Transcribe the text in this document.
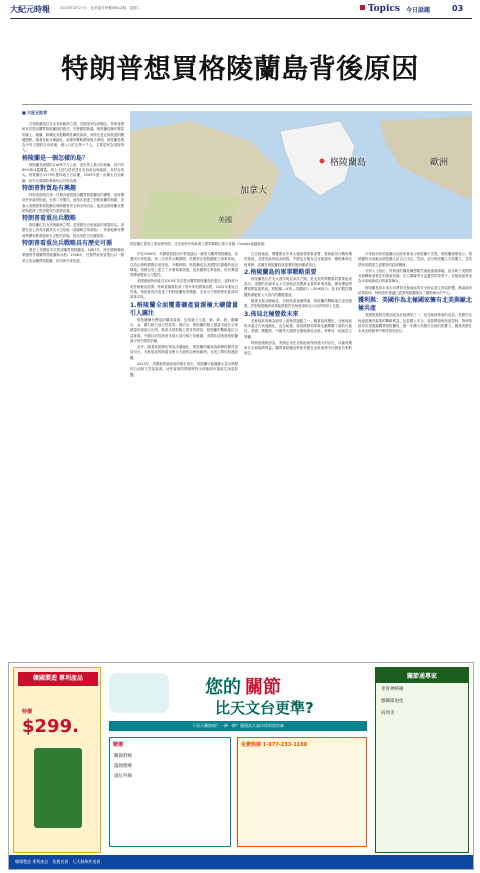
大紀元時報	2025年3月27日　北美東方時報第612期　星期二	Topics 今日話題	03
特朗普想買格陵蘭島背後原因
■ 大紀元記者

在格陵蘭島位於北美和歐洲之間，長期受到全球關注。特朗普總統首次提出購買格陵蘭島的想法，引發國際熱議。格陵蘭島擁有豐富的稀土、鈾礦、鋅礦及其他戰略性礦產資源，同時也是北極航道的關鍵節點。隨著北極冰層融化，這裡的戰略價值與日俱增。格陵蘭島現為丹麥王國的自治領地，總人口約五萬六千人，主要居民為因紐特人。

格陵蘭是一個怎樣的島？

格陵蘭島面積約216萬平方公里，是世界上最大的島嶼，其中約80%被冰蓋覆蓋。島上大部分居民居住於西南沿海地區，首府為努克。格陵蘭自1979年獲得地方自治權，2009年進一步擴大自治範圍，但外交與國防事務仍由丹麥負責。

特朗普對買島有興趣

特朗普總統在第一任期內便曾提出購買格陵蘭島的構想，當時遭到丹麥政府拒絕。在第二任期內，他再次表達了對格陵蘭的興趣，並表示美國需要格陵蘭以保障國家安全和全球自由。他認為格陵蘭在國防與經濟上對美國具有重要意義。

特朗普看重出兵戰略

格陵蘭位於北美與歐洲之間，是美國在北極地區的重要前沿。美國在島上設有皮圖菲克太空基地（前圖勒空軍基地），該基地擁有彈道導彈預警系統和太空監控設施，對北美防空至關重要。

特朗普看重出兵戰略具有歷史可循

歷史上美國曾多次嘗試購買格陵蘭島。1867年，時任國務卿西華德曾考慮購買格陵蘭和冰島；1946年，杜魯門政府曾提出以一億美元黃金購買格陵蘭，但均被丹麥拒絕。

格陵蘭島
加拿大
美國
歐洲
格陵蘭位置與主要地理特徵。北美東海岸與歐洲之間的戰略位置示意圖（Google地圖截圖）

早在1946年，美國就曾經向丹麥提議以一億美元購買格陵蘭島，但遭到丹麥拒絕。第二次世界大戰期間，美國曾在格陵蘭建立軍事基地，以防止納粹德國佔領該島。冷戰時期，格陵蘭成為美國對抗蘇聯的前沿陣地。美國在島上建立了多個軍事設施，包括圖勒空軍基地，用於彈道導彈預警和太空監控。

美國總統特朗普在2019年首次提出購買格陵蘭島的想法，當時被丹麥首相稱為荒謬。特朗普隨後取消了對丹麥的國事訪問。2025年重返白宮後，特朗普再次表達了對格陵蘭島的興趣，並表示不排除使用經濟或軍事手段。

1.格陵蘭全面覆蓋礦產資源極大礦儲量引人關注

格陵蘭擁有豐富的礦產資源，包括稀土元素、鈾、鋅、鉛、鐵礦石、金、鑽石和石油天然氣等。據估計，格陵蘭的稀土儲量可能佔全球總量的相當大比例。隨著全球對稀土需求的增加，格陵蘭的戰略地位日益重要。中國目前控制著全球大部分稀土供應鏈，美國希望透過格陵蘭減少對中國的依賴。

此外，隨著氣候變化導致冰層融化，格陵蘭的礦產資源開採變得更加可行。北極航道的開通也將大大縮短亞洲與歐洲、北美之間的航運距離。

2023年，美國地質調查局的報告指出，格陵蘭可能蘊藏大量未開發的石油和天然氣資源。這些資源的開發將對全球能源市場產生深遠影響。

在北極地區，俄羅斯近年來大幅加強軍事部署，重新啟用冷戰時期的基地，並建造新的破冰船隊。中國也自稱為近北極國家，積極參與北極事務，試圖在格陵蘭投資基礎設施和礦產項目。

2.格陵蘭島的軍事戰略重要

格陵蘭島位於北大西洋與北冰洋之間，是北美防禦體系的重要組成部分。美國的皮圖菲克太空基地是美國最北端的軍事設施，擁有彈道導彈預警雷達系統。格陵蘭—冰島—英國缺口（GIUK缺口）是北約監控俄羅斯潛艇進入大西洋的關鍵通道。

隨著北極冰層融化，北極航道逐漸開通，格陵蘭的戰略地位更加重要。控制格陵蘭意味著能夠監控北極航道和北大西洋的海上交通。

3.佈局北極營救未來

北極地區被稱為地球上最後的邊疆之一。隨著氣候變化，北極地區的冰蓋正在快速融化，這為航運、資源開發和軍事活動開闢了新的可能性。美國、俄羅斯、中國等大國都在積極佈局北極，爭奪這一地區的主導權。

特朗普總統認為，美國必須在北極地區保持強大的存在，以確保國家安全和經濟利益。購買格陵蘭島將使美國在北極事務中佔據更有利的地位。

丹麥政府和格陵蘭自治政府都表示格陵蘭不出售。格陵蘭總理表示，格陵蘭的未來應由格陵蘭人民自己決定。然而，部分格陵蘭人支持獨立，並希望與美國建立更緊密的經濟關係。

分析人士指出，特朗普的購島構想雖然面臨重重障礙，但反映了美國對北極戰略重要性的重新認識。在大國競爭日益激烈的背景下，北極地區將成為未來地緣政治的重要舞台。

格陵蘭島的未來走向將對北極地區的安全格局產生深遠影響。無論最終結果如何，特朗普的提議已經將格陵蘭推向了國際舞台的中心。

獲利與：美國作為北極國家擁有北美與歐北極共產

美國透過阿拉斯加成為北極國家之一，是北極理事會的成員。美國在北極地區擁有重要的戰略利益，包括國土安全、資源開發和航道控制。特朗普政府希望透過購買格陵蘭島，進一步擴大美國在北極的影響力，確保美國在未來北極競爭中保持領先地位。

韓國製造 專利產品
特價
$299.
您的 關節
比天文台更準?
下雨天關節痛？一陣一陣？邊個話天氣冷係唔使你麻
精選
關節舒緩
溫熱理療
遠紅外線
免費熱線 1-877-233-1188
關節通專家
坐骨神經痛
膝關節退化
肩周炎
韓國製造 專利產品　免費送貨　七天無條件退貨
